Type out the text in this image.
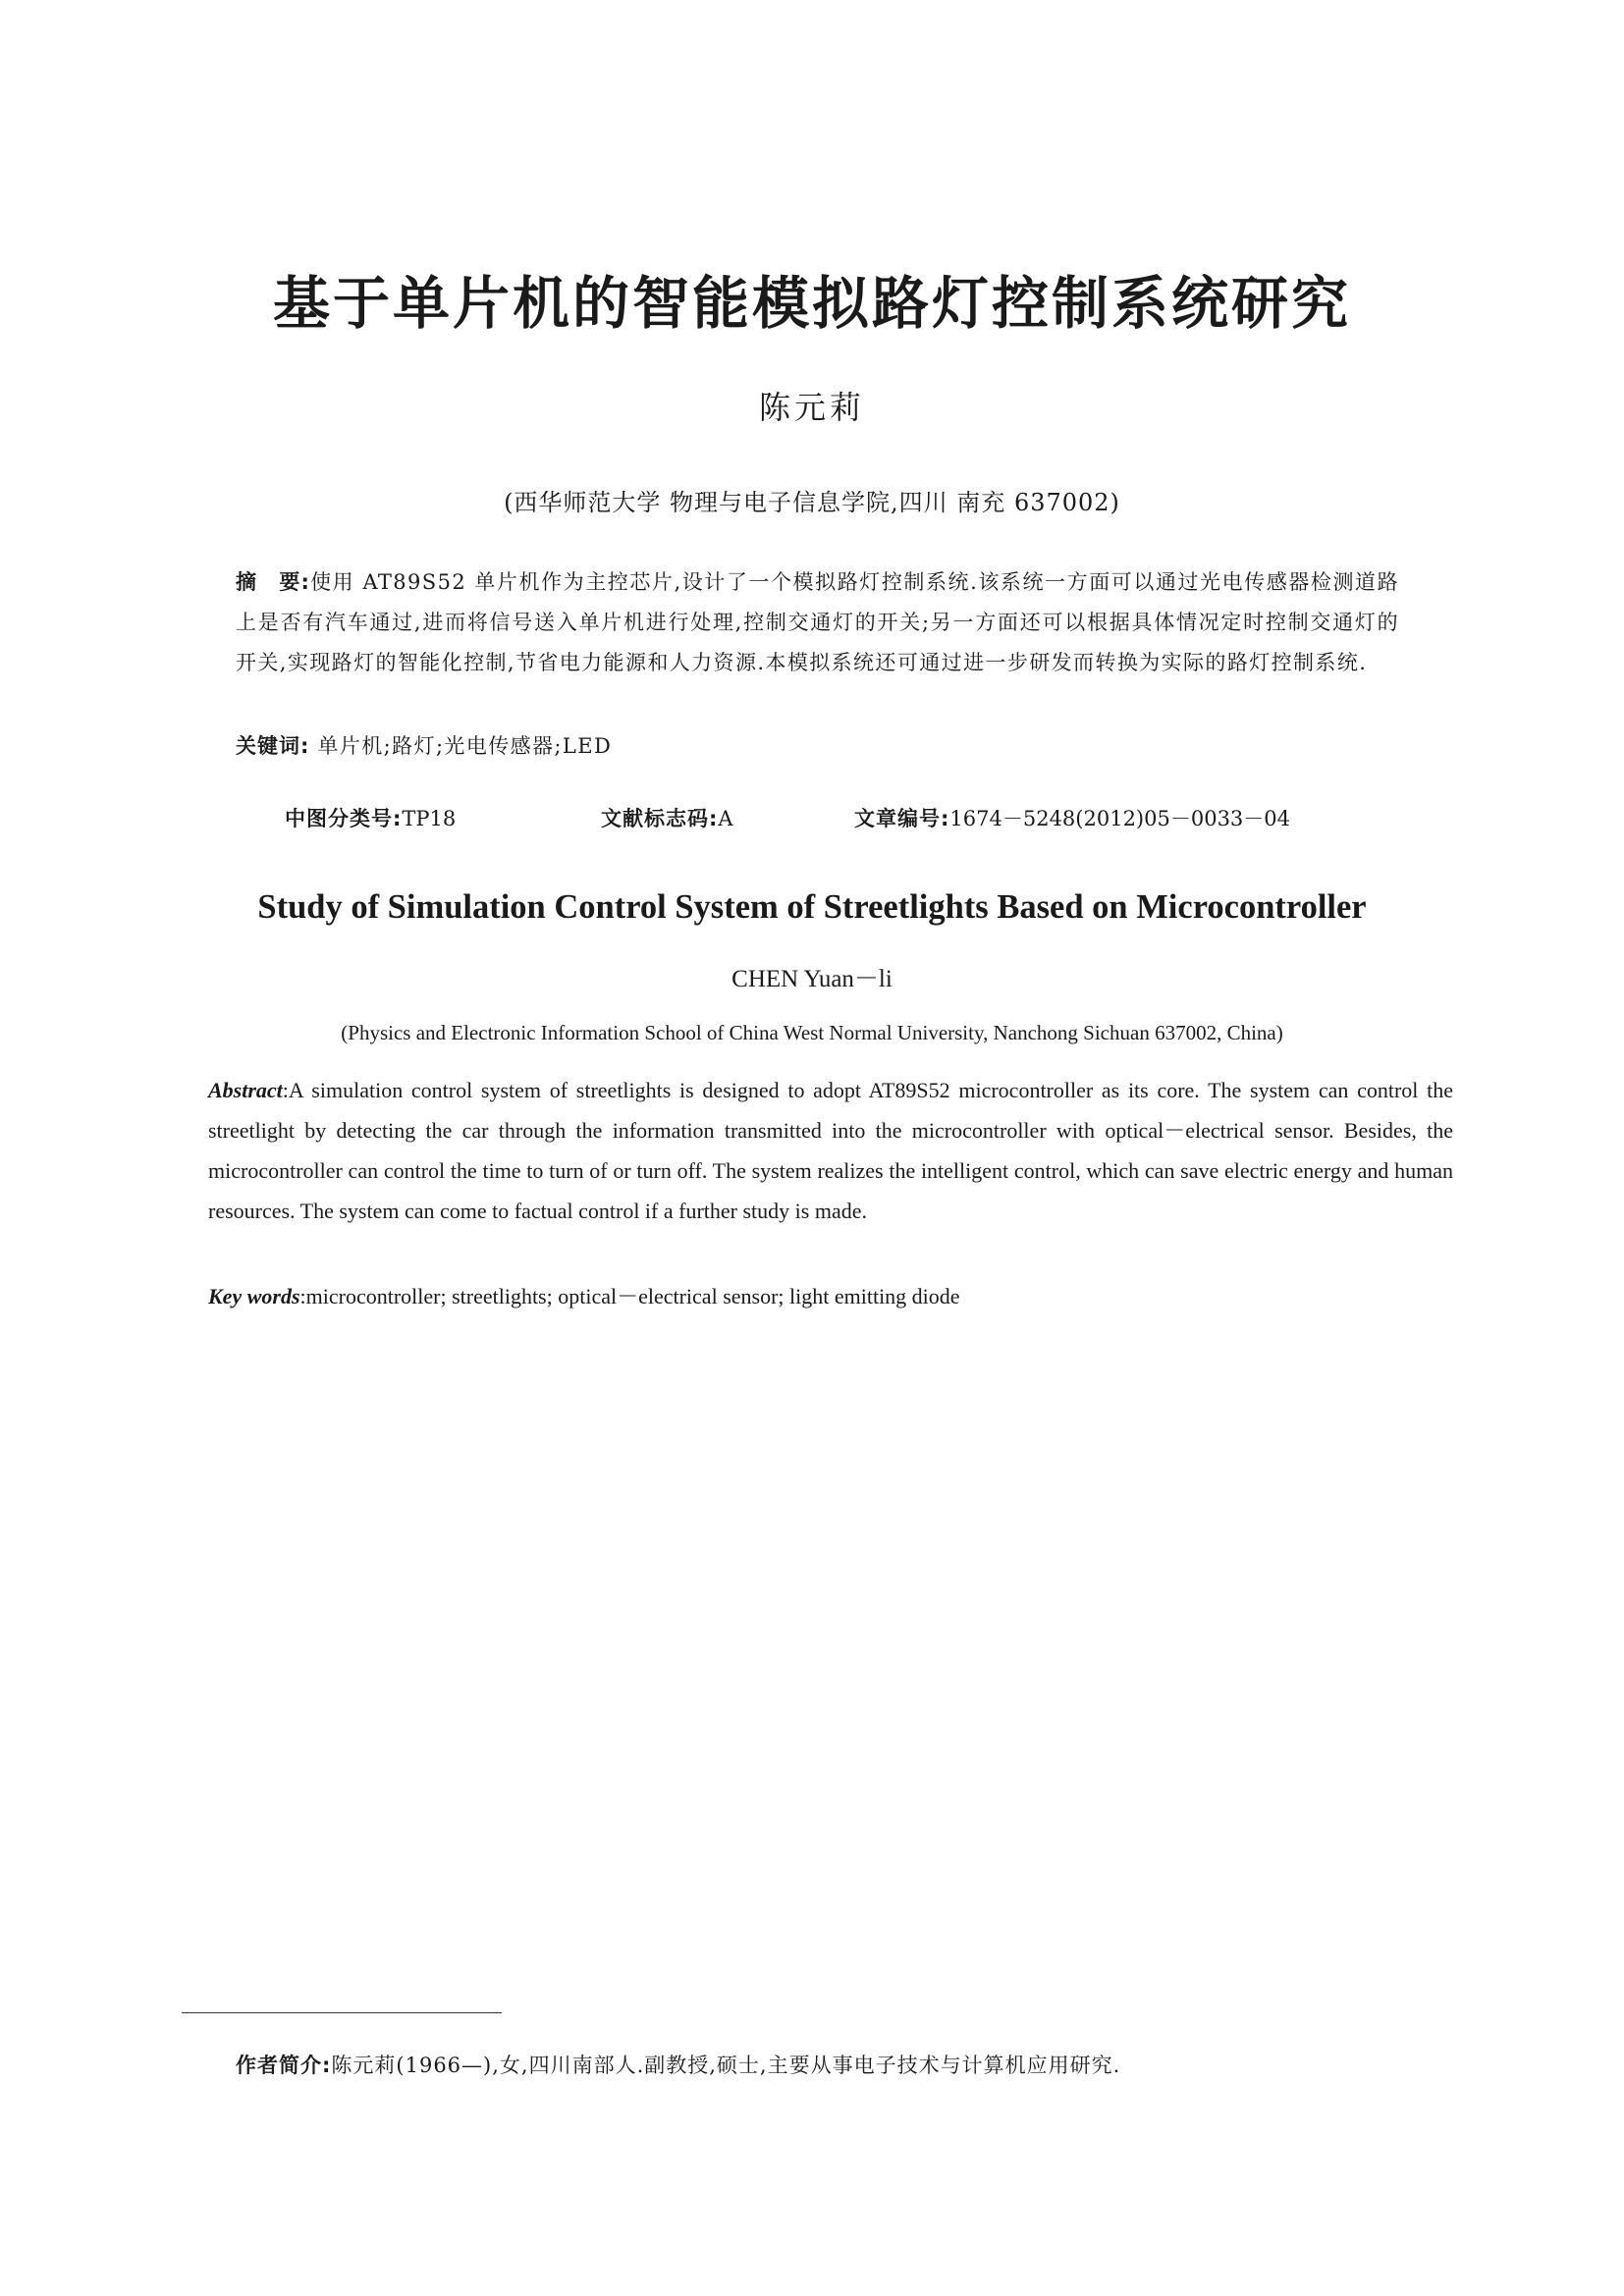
基于单片机的智能模拟路灯控制系统研究
陈元莉
(西华师范大学 物理与电子信息学院,四川 南充 637002)
摘　要:使用 AT89S52 单片机作为主控芯片,设计了一个模拟路灯控制系统.该系统一方面可以通过光电传感器检测道路上是否有汽车通过,进而将信号送入单片机进行处理,控制交通灯的开关;另一方面还可以根据具体情况定时控制交通灯的开关,实现路灯的智能化控制,节省电力能源和人力资源.本模拟系统还可通过进一步研发而转换为实际的路灯控制系统.
关键词: 单片机;路灯;光电传感器;LED
中图分类号:TP18	文献标志码:A	文章编号:1674－5248(2012)05－0033－04
Study of Simulation Control System of Streetlights Based on Microcontroller
CHEN Yuan－li
(Physics and Electronic Information School of China West Normal University, Nanchong Sichuan 637002, China)
Abstract:A simulation control system of streetlights is designed to adopt AT89S52 microcontroller as its core. The system can control the streetlight by detecting the car through the information transmitted into the microcontroller with optical－electrical sensor. Besides, the microcontroller can control the time to turn of or turn off. The system realizes the intelligent control, which can save electric energy and human resources. The system can come to factual control if a further study is made.
Key words:microcontroller; streetlights; optical－electrical sensor; light emitting diode
作者简介:陈元莉(1966—),女,四川南部人.副教授,硕士,主要从事电子技术与计算机应用研究.
